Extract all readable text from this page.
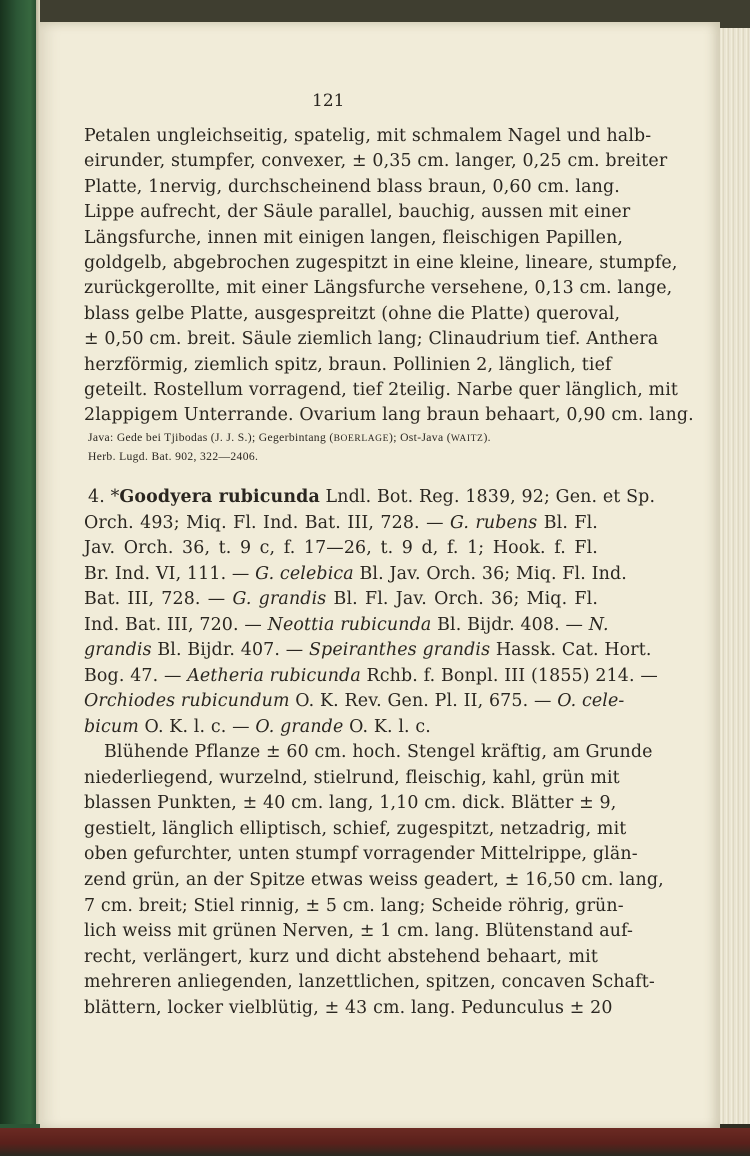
121
Java: Gede bei Tjibodas (J. J. S.); Gegerbintang (BOERLAGE); Ost-Java (WAITZ).
Herb. Lugd. Bat. 902, 322—2406.
Petalen ungleichseitig, spatelig, mit schmalem Nagel und halb-
eirunder, stumpfer, convexer, ± 0,35 cm. langer, 0,25 cm. breiter
Platte, 1nervig, durchscheinend blass braun, 0,60 cm. lang.
Lippe aufrecht, der Säule parallel, bauchig, aussen mit einer
Längsfurche, innen mit einigen langen, fleischigen Papillen,
goldgelb, abgebrochen zugespitzt in eine kleine, lineare, stumpfe,
zurückgerollte, mit einer Längsfurche versehene, 0,13 cm. lange,
blass gelbe Platte, ausgespreitzt (ohne die Platte) queroval,
± 0,50 cm. breit. Säule ziemlich lang; Clinaudrium tief. Anthera
herzförmig, ziemlich spitz, braun. Pollinien 2, länglich, tief
geteilt. Rostellum vorragend, tief 2teilig. Narbe quer länglich, mit
2lappigem Unterrande. Ovarium lang braun behaart, 0,90 cm. lang.
4. *Goodyera rubicunda Lndl. Bot. Reg. 1839, 92; Gen. et Sp.
Orch. 493; Miq. Fl. Ind. Bat. III, 728. — G. rubens Bl. Fl.
Jav. Orch. 36, t. 9 c, f. 17—26, t. 9 d, f. 1; Hook. f. Fl.
Br. Ind. VI, 111. — G. celebica Bl. Jav. Orch. 36; Miq. Fl. Ind.
Bat. III, 728. — G. grandis Bl. Fl. Jav. Orch. 36; Miq. Fl.
Ind. Bat. III, 720. — Neottia rubicunda Bl. Bijdr. 408. — N.
grandis Bl. Bijdr. 407. — Speiranthes grandis Hassk. Cat. Hort.
Bog. 47. — Aetheria rubicunda Rchb. f. Bonpl. III (1855) 214. —
Orchiodes rubicundum O. K. Rev. Gen. Pl. II, 675. — O. cele-
bicum O. K. l. c. — O. grande O. K. l. c.
Blühende Pflanze ± 60 cm. hoch. Stengel kräftig, am Grunde
niederliegend, wurzelnd, stielrund, fleischig, kahl, grün mit
blassen Punkten, ± 40 cm. lang, 1,10 cm. dick. Blätter ± 9,
gestielt, länglich elliptisch, schief, zugespitzt, netzadrig, mit
oben gefurchter, unten stumpf vorragender Mittelrippe, glän-
zend grün, an der Spitze etwas weiss geadert, ± 16,50 cm. lang,
7 cm. breit; Stiel rinnig, ± 5 cm. lang; Scheide röhrig, grün-
lich weiss mit grünen Nerven, ± 1 cm. lang. Blütenstand auf-
recht, verlängert, kurz und dicht abstehend behaart, mit
mehreren anliegenden, lanzettlichen, spitzen, concaven Schaft-
blättern, locker vielblütig, ± 43 cm. lang. Pedunculus ± 20
